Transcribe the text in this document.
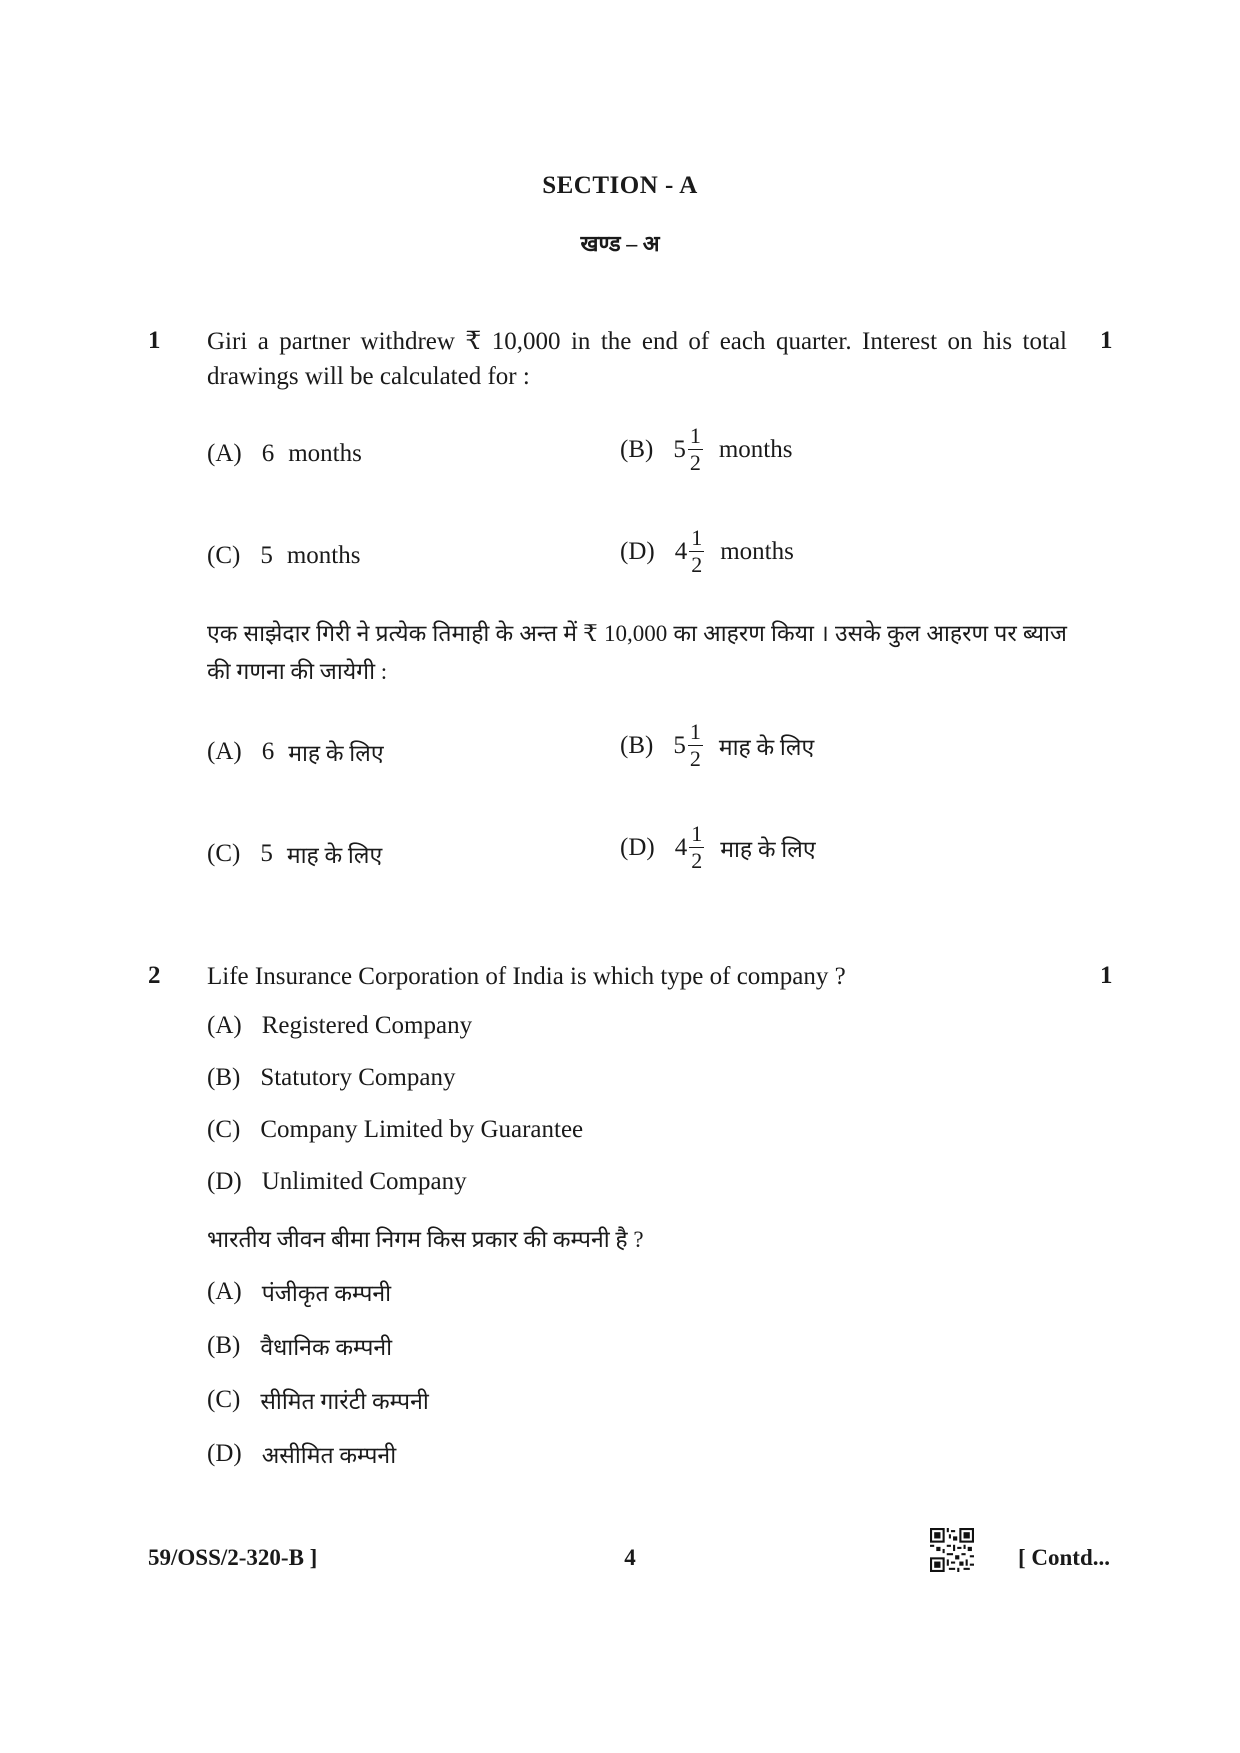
SECTION - A
खण्ड – अ
1	1
Giri a partner withdrew ₹ 10,000 in the end of each quarter. Interest on his total drawings will be calculated for :
(A) 6 months	(B) $5 \frac{1}{2}$ months
(C) 5 months	(D) $4 \frac{1}{2}$ months
एक साझेदार गिरी ने प्रत्येक तिमाही के अन्त में ₹ 10,000 का आहरण किया । उसके कुल आहरण पर ब्याज की गणना की जायेगी :
(A) 6 माह के लिए	(B) $5 \frac{1}{2}$ माह के लिए
(C) 5 माह के लिए	(D) $4 \frac{1}{2}$ माह के लिए
2	1
Life Insurance Corporation of India is which type of company ?
(A) Registered Company
(B) Statutory Company
(C) Company Limited by Guarantee
(D) Unlimited Company
भारतीय जीवन बीमा निगम किस प्रकार की कम्पनी है ?
(A) पंजीकृत कम्पनी
(B) वैधानिक कम्पनी
(C) सीमित गारंटी कम्पनी
(D) असीमित कम्पनी
59/OSS/2-320-B ]	4	[ Contd...
